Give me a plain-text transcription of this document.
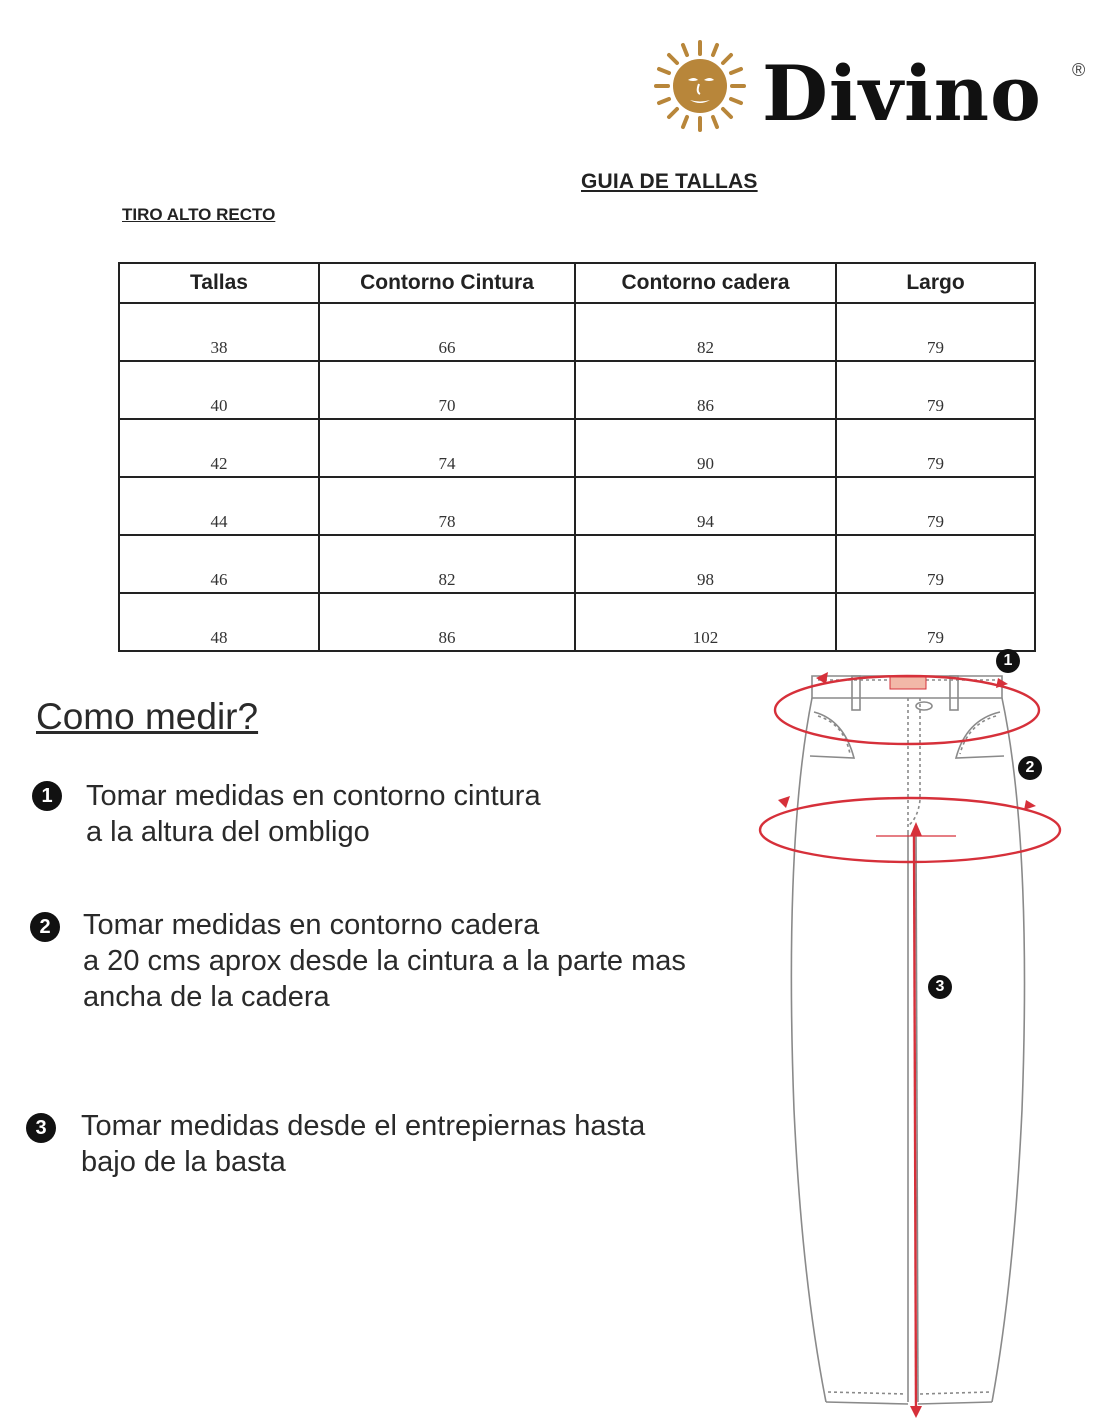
Divino ®
GUIA DE TALLAS
TIRO ALTO RECTO
Tallas	Contorno Cintura	Contorno cadera	Largo
38	66	82	79
40	70	86	79
42	74	90	79
44	78	94	79
46	82	98	79
48	86	102	79
Como medir?
1	Tomar medidas en contorno cintura
a la altura del ombligo
2	Tomar medidas en contorno cadera
a 20 cms aprox desde la cintura a la parte mas
ancha de la cadera
3	Tomar medidas desde el entrepiernas hasta
bajo de la basta
1
2
3
